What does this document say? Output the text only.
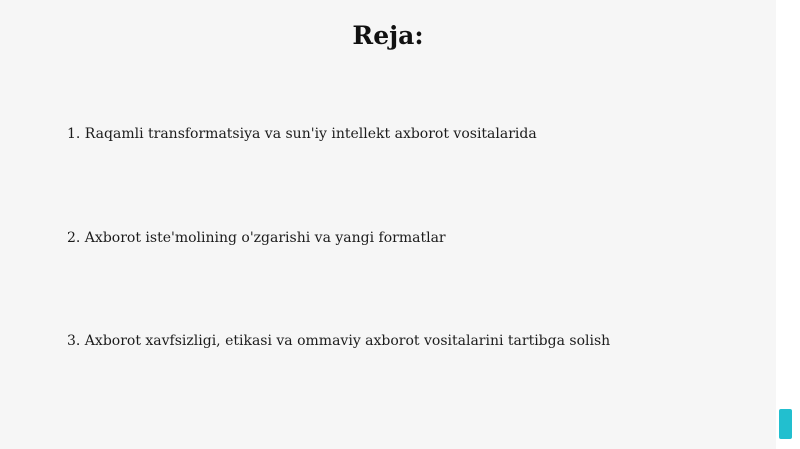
Reja:

1. Raqamli transformatsiya va sun'iy intellekt axborot vositalarida

2. Axborot iste'molining o'zgarishi va yangi formatlar

3. Axborot xavfsizligi, etikasi va ommaviy axborot vositalarini tartibga solish
